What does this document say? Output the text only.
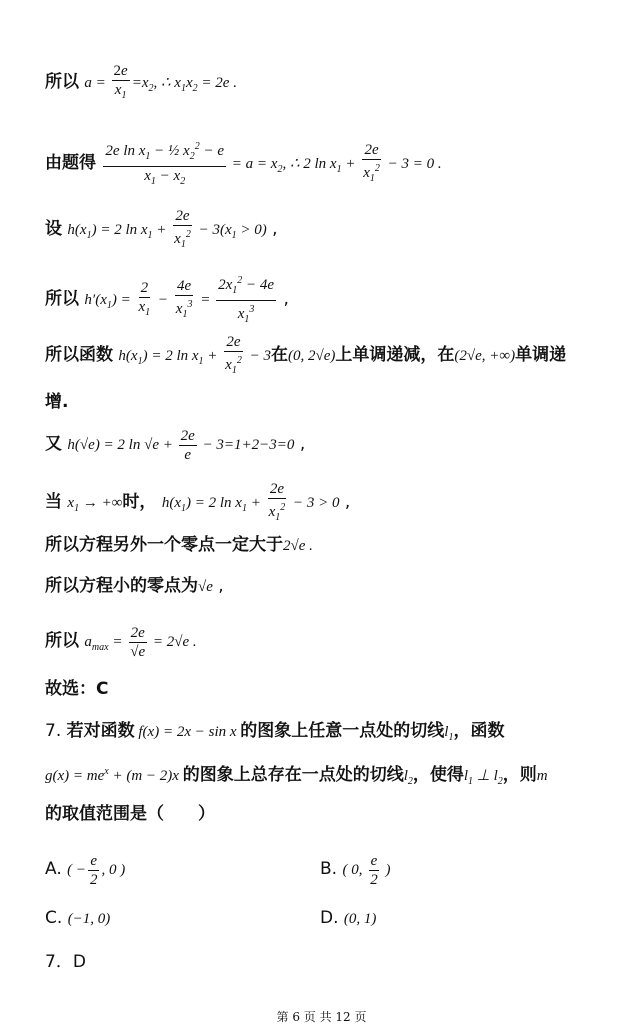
所以 $a = \frac{2e}{x_1} =x_2$, ∴ $x_1x_2 = 2e$ .
由题得 $\frac{2e \ln x_1 - \frac{1}{2} x_2^2 - e}{x_1 - x_2} = a = x_2$, ∴ 2 $\ln x_1 + \frac{2e}{x_1^2} - 3 = 0$ .
设 $h(x_1) = 2$ $\ln x_1 + \frac{2e}{x_1^2} - 3(x_1 > 0)$ ,
所以 $h'(x_1) = \frac{2}{x_1} - \frac{4e}{x_1^3} = \frac{2x_1^2 - 4e}{x_1^3}$ ,
所以函数 $h(x_1) = 2$ $\ln x_1 + \frac{2e}{x_1^2} - 3$在(0, 2√e)上单调递减，在(2√e, +∞)单调递
增.
又 h(√e) = 2 $\ln √e + \frac{2e}{e} - 3=1+2-3=0$ ,
当 $x_1$ → +∞时， $h(x_1) = 2$ $\ln x_1 + \frac{2e}{x_1^2} - 3 > 0$ ,
所以方程另外一个零点一定大于2√e .
所以方程小的零点为√e ,
所以 $a_{max} = \frac{2e}{√e} = 2√e$ .
故选：C
7. 若对函数 f(x) = 2x − sin x 的图象上任意一点处的切线$l_1$，函数
$g(x) = me^x + (m - 2)x$ 的图象上总存在一点处的切线$l_2$，使得$l_1$ ⊥ $l_2$，则m
的取值范围是（　　）
A. ( − $\frac{e}{2}$ , 0 )	B. ( 0, $\frac{e}{2}$ )
C. (−1, 0)	D. (0, 1)
7．D
第 6 页 共 12 页
